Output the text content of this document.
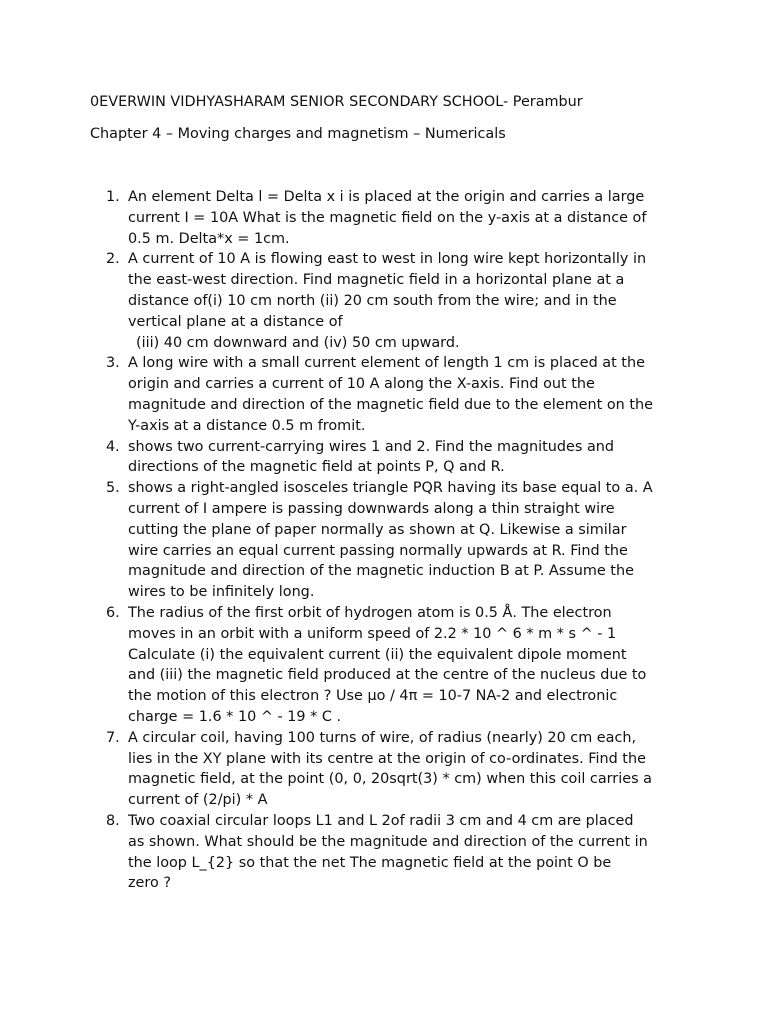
0EVERWIN VIDHYASHARAM SENIOR SECONDARY SCHOOL- Perambur
Chapter 4 – Moving charges and magnetism – Numericals
1. An element Delta l = Delta x i is placed at the origin and carries a large
current I = 10A What is the magnetic field on the y-axis at a distance of
0.5 m. Delta*x = 1cm.
2. A current of 10 A is flowing east to west in long wire kept horizontally in
the east-west direction. Find magnetic field in a horizontal plane at a
distance of(i) 10 cm north (ii) 20 cm south from the wire; and in the
vertical plane at a distance of
(iii) 40 cm downward and (iv) 50 cm upward.
3. A long wire with a small current element of length 1 cm is placed at the
origin and carries a current of 10 A along the X-axis. Find out the
magnitude and direction of the magnetic field due to the element on the
Y-axis at a distance 0.5 m fromit.
4. shows two current-carrying wires 1 and 2. Find the magnitudes and
directions of the magnetic field at points P, Q and R.
5. shows a right-angled isosceles triangle PQR having its base equal to a. A
current of I ampere is passing downwards along a thin straight wire
cutting the plane of paper normally as shown at Q. Likewise a similar
wire carries an equal current passing normally upwards at R. Find the
magnitude and direction of the magnetic induction B at P. Assume the
wires to be infinitely long.
6. The radius of the first orbit of hydrogen atom is 0.5 Å. The electron
moves in an orbit with a uniform speed of 2.2 * 10 ^ 6 * m * s ^ - 1
Calculate (i) the equivalent current (ii) the equivalent dipole moment
and (iii) the magnetic field produced at the centre of the nucleus due to
the motion of this electron ? Use μo / 4π = 10-7 NA-2 and electronic
charge = 1.6 * 10 ^ - 19 * C .
7. A circular coil, having 100 turns of wire, of radius (nearly) 20 cm each,
lies in the XY plane with its centre at the origin of co-ordinates. Find the
magnetic field, at the point (0, 0, 20sqrt(3) * cm) when this coil carries a
current of (2/pi) * A
8. Two coaxial circular loops L1 and L 2of radii 3 cm and 4 cm are placed
as shown. What should be the magnitude and direction of the current in
the loop L_{2} so that the net The magnetic field at the point O be
zero ?
